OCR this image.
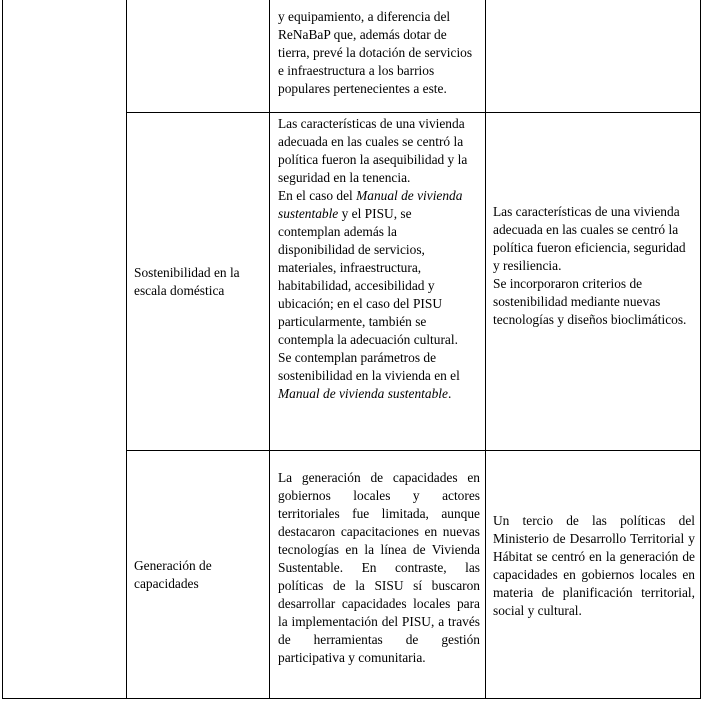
y equipamiento, a diferencia del ReNaBaP que, además dotar de tierra, prevé la dotación de servicios e infraestructura a los barrios populares pertenecientes a este.

Sostenibilidad en la escala doméstica

Las características de una vivienda adecuada en las cuales se centró la política fueron la asequibilidad y la seguridad en la tenencia.

En el caso del Manual de vivienda sustentable y el PISU, se contemplan además la disponibilidad de servicios, materiales, infraestructura, habitabilidad, accesibilidad y ubicación; en el caso del PISU particularmente, también se contempla la adecuación cultural.

Se contemplan parámetros de sostenibilidad en la vivienda en el Manual de vivienda sustentable.

Las características de una vivienda adecuada en las cuales se centró la política fueron eficiencia, seguridad y resiliencia.

Se incorporaron criterios de sostenibilidad mediante nuevas tecnologías y diseños bioclimáticos.

Generación de capacidades

La generación de capacidades en gobiernos locales y actores territoriales fue limitada, aunque destacaron capacitaciones en nuevas tecnologías en la línea de Vivienda Sustentable. En contraste, las políticas de la SISU sí buscaron desarrollar capacidades locales para la implementación del PISU, a través de herramientas de gestión participativa y comunitaria.

Un tercio de las políticas del Ministerio de Desarrollo Territorial y Hábitat se centró en la generación de capacidades en gobiernos locales en materia de planificación territorial, social y cultural.
